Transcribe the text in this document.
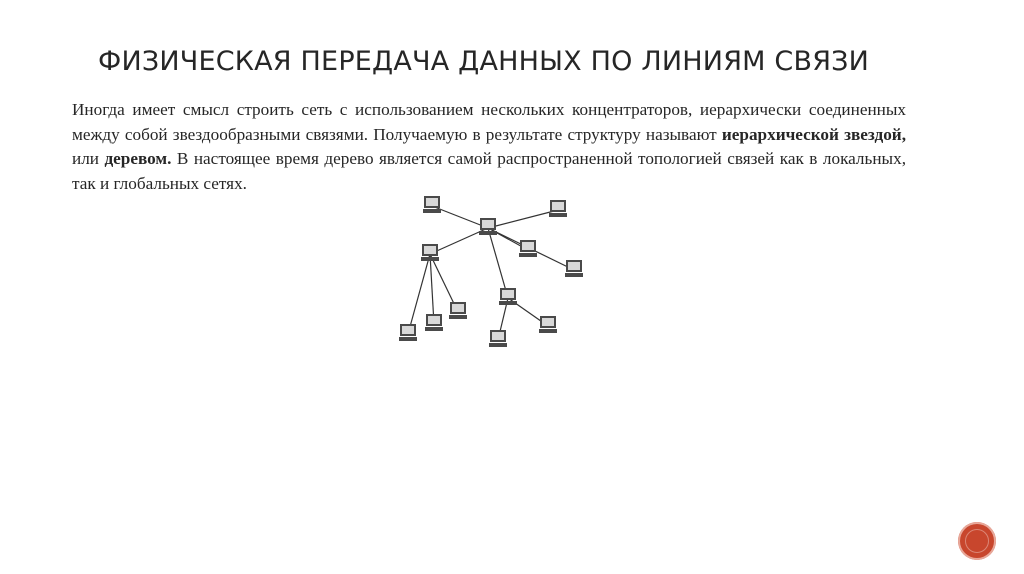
ФИЗИЧЕСКАЯ ПЕРЕДАЧА ДАННЫХ ПО ЛИНИЯМ СВЯЗИ

Иногда имеет смысл строить сеть с использованием нескольких концентраторов, иерархически соединенных между собой звездообразными связями. Получаемую в результате структуру называют иерархической звездой, или деревом. В настоящее время дерево является самой распространенной топологией связей как в локальных, так и глобальных сетях.
